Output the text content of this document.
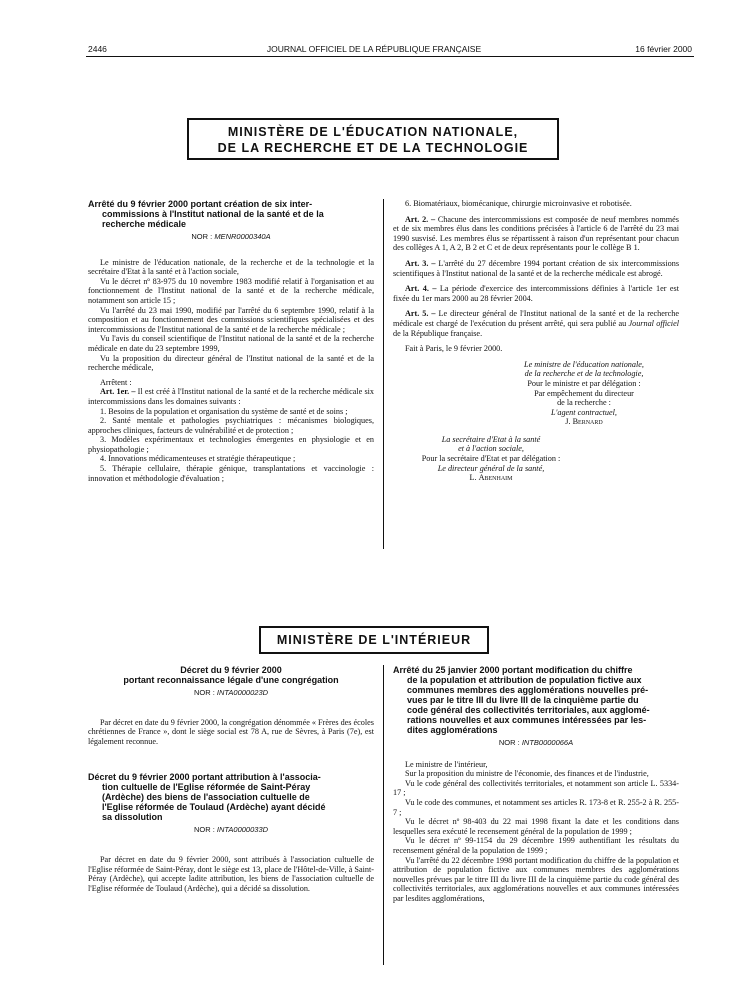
2446	JOURNAL OFFICIEL DE LA RÉPUBLIQUE FRANÇAISE	16 février 2000
MINISTÈRE DE L'ÉDUCATION NATIONALE,
DE LA RECHERCHE ET DE LA TECHNOLOGIE
Arrêté du 9 février 2000 portant création de six inter-
commissions à l'Institut national de la santé et de la
recherche médicale
NOR : MENR0000340A

Le ministre de l'éducation nationale, de la recherche et de la technologie et la secrétaire d'Etat à la santé et à l'action sociale,

Vu le décret nº 83-975 du 10 novembre 1983 modifié relatif à l'organisation et au fonctionnement de l'Institut national de la santé et de la recherche médicale, notamment son article 15 ;

Vu l'arrêté du 23 mai 1990, modifié par l'arrêté du 6 septembre 1990, relatif à la composition et au fonctionnement des commissions scientifiques spécialisées et des intercommissions de l'Institut national de la santé et de la recherche médicale ;

Vu l'avis du conseil scientifique de l'Institut national de la santé et de la recherche médicale en date du 23 septembre 1999,

Vu la proposition du directeur général de l'Institut national de la santé et de la recherche médicale,

Arrêtent :

Art. 1er. – Il est créé à l'Institut national de la santé et de la recherche médicale six intercommissions dans les domaines suivants :

1. Besoins de la population et organisation du système de santé et de soins ;

2. Santé mentale et pathologies psychiatriques : mécanismes biologiques, approches cliniques, facteurs de vulnérabilité et de protection ;

3. Modèles expérimentaux et technologies émergentes en physiologie et en physiopathologie ;

4. Innovations médicamenteuses et stratégie thérapeutique ;

5. Thérapie cellulaire, thérapie génique, transplantations et vaccinologie : innovation et méthodologie d'évaluation ;

6. Biomatériaux, biomécanique, chirurgie microinvasive et robotisée.

Art. 2. – Chacune des intercommissions est composée de neuf membres nommés et de six membres élus dans les conditions précisées à l'article 6 de l'arrêté du 23 mai 1990 susvisé. Les membres élus se répartissent à raison d'un représentant pour chacun des collèges A 1, A 2, B 2 et C et de deux représentants pour le collège B 1.

Art. 3. – L'arrêté du 27 décembre 1994 portant création de six intercommissions scientifiques à l'Institut national de la santé et de la recherche médicale est abrogé.

Art. 4. – La période d'exercice des intercommissions définies à l'article 1er est fixée du 1er mars 2000 au 28 février 2004.

Art. 5. – Le directeur général de l'Institut national de la santé et de la recherche médicale est chargé de l'exécution du présent arrêté, qui sera publié au Journal officiel de la République française.

Fait à Paris, le 9 février 2000.

Le ministre de l'éducation nationale,
de la recherche et de la technologie,
Pour le ministre et par délégation :
Par empêchement du directeur
de la recherche :
L'agent contractuel,
J. Bernard
La secrétaire d'Etat à la santé
et à l'action sociale,
Pour la secrétaire d'Etat et par délégation :
Le directeur général de la santé,
L. Abenhaim
MINISTÈRE DE L'INTÉRIEUR
Décret du 9 février 2000
portant reconnaissance légale d'une congrégation
NOR : INTA0000023D

Par décret en date du 9 février 2000, la congrégation dénommée « Frères des écoles chrétiennes de France », dont le siège social est 78 A, rue de Sèvres, à Paris (7e), est légalement reconnue.

Décret du 9 février 2000 portant attribution à l'associa-
tion cultuelle de l'Eglise réformée de Saint-Péray
(Ardèche) des biens de l'association cultuelle de
l'Eglise réformée de Toulaud (Ardèche) ayant décidé
sa dissolution
NOR : INTA0000033D

Par décret en date du 9 février 2000, sont attribués à l'association cultuelle de l'Eglise réformée de Saint-Péray, dont le siège est 13, place de l'Hôtel-de-Ville, à Saint-Péray (Ardèche), qui accepte ladite attribution, les biens de l'association cultuelle de l'Eglise réformée de Toulaud (Ardèche), qui a décidé sa dissolution.

Arrêté du 25 janvier 2000 portant modification du chiffre
de la population et attribution de population fictive aux
communes membres des agglomérations nouvelles pré-
vues par le titre III du livre III de la cinquième partie du
code général des collectivités territoriales, aux agglomé-
rations nouvelles et aux communes intéressées par les-
dites agglomérations
NOR : INTB0000066A

Le ministre de l'intérieur,

Sur la proposition du ministre de l'économie, des finances et de l'industrie,

Vu le code général des collectivités territoriales, et notamment son article L. 5334-17 ;

Vu le code des communes, et notamment ses articles R. 173-8 et R. 255-2 à R. 255-7 ;

Vu le décret nº 98-403 du 22 mai 1998 fixant la date et les conditions dans lesquelles sera exécuté le recensement général de la population de 1999 ;

Vu le décret nº 99-1154 du 29 décembre 1999 authentifiant les résultats du recensement général de la population de 1999 ;

Vu l'arrêté du 22 décembre 1998 portant modification du chiffre de la population et attribution de population fictive aux communes membres des agglomérations nouvelles prévues par le titre III du livre III de la cinquième partie du code général des collectivités territoriales, aux agglomérations nouvelles et aux communes intéressées par lesdites agglomérations,
